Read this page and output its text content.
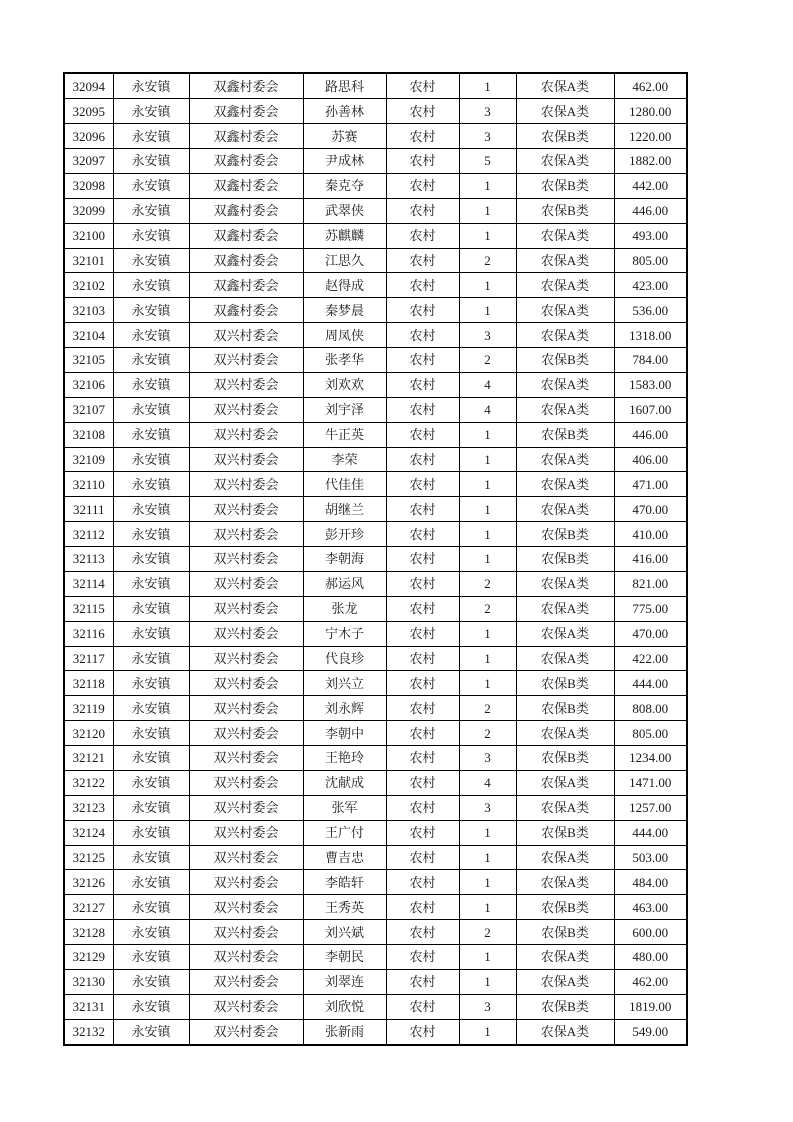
32094	永安镇	双鑫村委会	路思科	农村	1	农保A类	462.00
32095	永安镇	双鑫村委会	孙善林	农村	3	农保A类	1280.00
32096	永安镇	双鑫村委会	苏赛	农村	3	农保B类	1220.00
32097	永安镇	双鑫村委会	尹成林	农村	5	农保A类	1882.00
32098	永安镇	双鑫村委会	秦克夺	农村	1	农保B类	442.00
32099	永安镇	双鑫村委会	武翠侠	农村	1	农保B类	446.00
32100	永安镇	双鑫村委会	苏麒麟	农村	1	农保A类	493.00
32101	永安镇	双鑫村委会	江思久	农村	2	农保A类	805.00
32102	永安镇	双鑫村委会	赵得成	农村	1	农保A类	423.00
32103	永安镇	双鑫村委会	秦梦晨	农村	1	农保A类	536.00
32104	永安镇	双兴村委会	周凤侠	农村	3	农保A类	1318.00
32105	永安镇	双兴村委会	张孝华	农村	2	农保B类	784.00
32106	永安镇	双兴村委会	刘欢欢	农村	4	农保A类	1583.00
32107	永安镇	双兴村委会	刘宇泽	农村	4	农保A类	1607.00
32108	永安镇	双兴村委会	牛正英	农村	1	农保B类	446.00
32109	永安镇	双兴村委会	李荣	农村	1	农保A类	406.00
32110	永安镇	双兴村委会	代佳佳	农村	1	农保A类	471.00
32111	永安镇	双兴村委会	胡继兰	农村	1	农保A类	470.00
32112	永安镇	双兴村委会	彭开珍	农村	1	农保B类	410.00
32113	永安镇	双兴村委会	李朝海	农村	1	农保B类	416.00
32114	永安镇	双兴村委会	郝运风	农村	2	农保A类	821.00
32115	永安镇	双兴村委会	张龙	农村	2	农保A类	775.00
32116	永安镇	双兴村委会	宁木子	农村	1	农保A类	470.00
32117	永安镇	双兴村委会	代良珍	农村	1	农保A类	422.00
32118	永安镇	双兴村委会	刘兴立	农村	1	农保B类	444.00
32119	永安镇	双兴村委会	刘永辉	农村	2	农保B类	808.00
32120	永安镇	双兴村委会	李朝中	农村	2	农保A类	805.00
32121	永安镇	双兴村委会	王艳玲	农村	3	农保B类	1234.00
32122	永安镇	双兴村委会	沈献成	农村	4	农保A类	1471.00
32123	永安镇	双兴村委会	张军	农村	3	农保A类	1257.00
32124	永安镇	双兴村委会	王广付	农村	1	农保B类	444.00
32125	永安镇	双兴村委会	曹吉忠	农村	1	农保A类	503.00
32126	永安镇	双兴村委会	李皓轩	农村	1	农保A类	484.00
32127	永安镇	双兴村委会	王秀英	农村	1	农保B类	463.00
32128	永安镇	双兴村委会	刘兴斌	农村	2	农保B类	600.00
32129	永安镇	双兴村委会	李朝民	农村	1	农保A类	480.00
32130	永安镇	双兴村委会	刘翠连	农村	1	农保A类	462.00
32131	永安镇	双兴村委会	刘欣悦	农村	3	农保B类	1819.00
32132	永安镇	双兴村委会	张新雨	农村	1	农保A类	549.00
